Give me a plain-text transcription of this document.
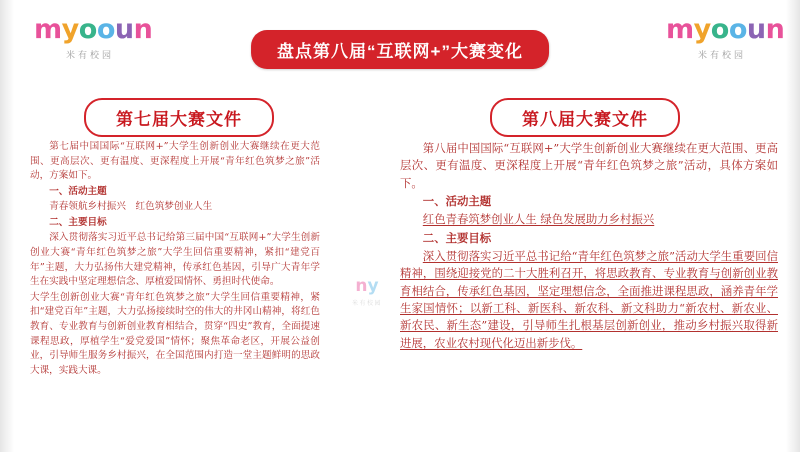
myooun
米有校园
myooun
米有校园
盘点第八届“互联网+”大赛变化
第七届大赛文件	第八届大赛文件

第七届中国国际“互联网+”大学生创新创业大赛继续在更大范围、更高层次、更有温度、更深程度上开展“青年红色筑梦之旅”活动，方案如下。

一、活动主题

青春领航乡村振兴　红色筑梦创业人生

二、主要目标

深入贯彻落实习近平总书记给第三届中国“互联网+”大学生创新创业大赛“青年红色筑梦之旅”大学生回信重要精神，紧扣“建党百年”主题，大力弘扬伟大建党精神，传承红色基因，引导广大青年学生在实践中坚定理想信念、厚植爱国情怀、勇担时代使命。

大学生创新创业大赛“青年红色筑梦之旅”大学生回信重要精神，紧扣“建党百年”主题，大力弘扬接续时空的伟大的井冈山精神，将红色教育、专业教育与创新创业教育相结合，贯穿“四史”教育，全面提速课程思政，厚植学生“爱党爱国”情怀；聚焦革命老区，开展公益创业，引导师生服务乡村振兴，在全国范围内打造一堂主题鲜明的思政大课，实践大课。

第八届中国国际“互联网+”大学生创新创业大赛继续在更大范围、更高层次、更有温度、更深程度上开展“青年红色筑梦之旅”活动，具体方案如下。

一、活动主题

红色青春筑梦创业人生 绿色发展助力乡村振兴

二、主要目标

深入贯彻落实习近平总书记给“青年红色筑梦之旅”活动大学生重要回信精神，围绕迎接党的二十大胜利召开，将思政教育、专业教育与创新创业教育相结合，传承红色基因，坚定理想信念，全面推进课程思政，涵养青年学生家国情怀；以新工科、新医科、新农科、新文科助力“新农村、新农业、新农民、新生态”建设，引导师生扎根基层创新创业，推动乡村振兴取得新进展，农业农村现代化迈出新步伐。

ny
米有校园
